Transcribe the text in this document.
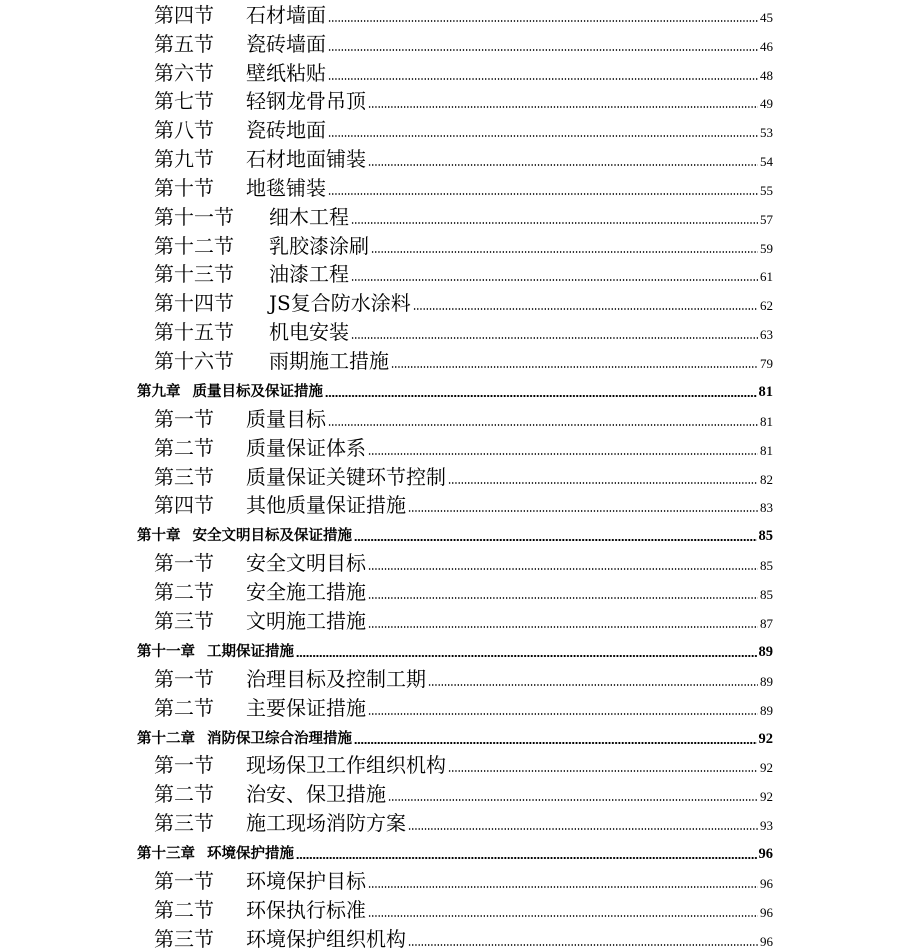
第四节	石材墙面	45
第五节	瓷砖墙面	46
第六节	壁纸粘贴	48
第七节	轻钢龙骨吊顶	49
第八节	瓷砖地面	53
第九节	石材地面铺装	54
第十节	地毯铺装	55
第十一节	细木工程	57
第十二节	乳胶漆涂刷	59
第十三节	油漆工程	61
第十四节	JS复合防水涂料	62
第十五节	机电安装	63
第十六节	雨期施工措施	79
第九章 质量目标及保证措施	81
第一节	质量目标	81
第二节	质量保证体系	81
第三节	质量保证关键环节控制	82
第四节	其他质量保证措施	83
第十章 安全文明目标及保证措施	85
第一节	安全文明目标	85
第二节	安全施工措施	85
第三节	文明施工措施	87
第十一章 工期保证措施	89
第一节	治理目标及控制工期	89
第二节	主要保证措施	89
第十二章 消防保卫综合治理措施	92
第一节	现场保卫工作组织机构	92
第二节	治安、保卫措施	92
第三节	施工现场消防方案	93
第十三章 环境保护措施	96
第一节	环境保护目标	96
第二节	环保执行标准	96
第三节	环境保护组织机构	96
